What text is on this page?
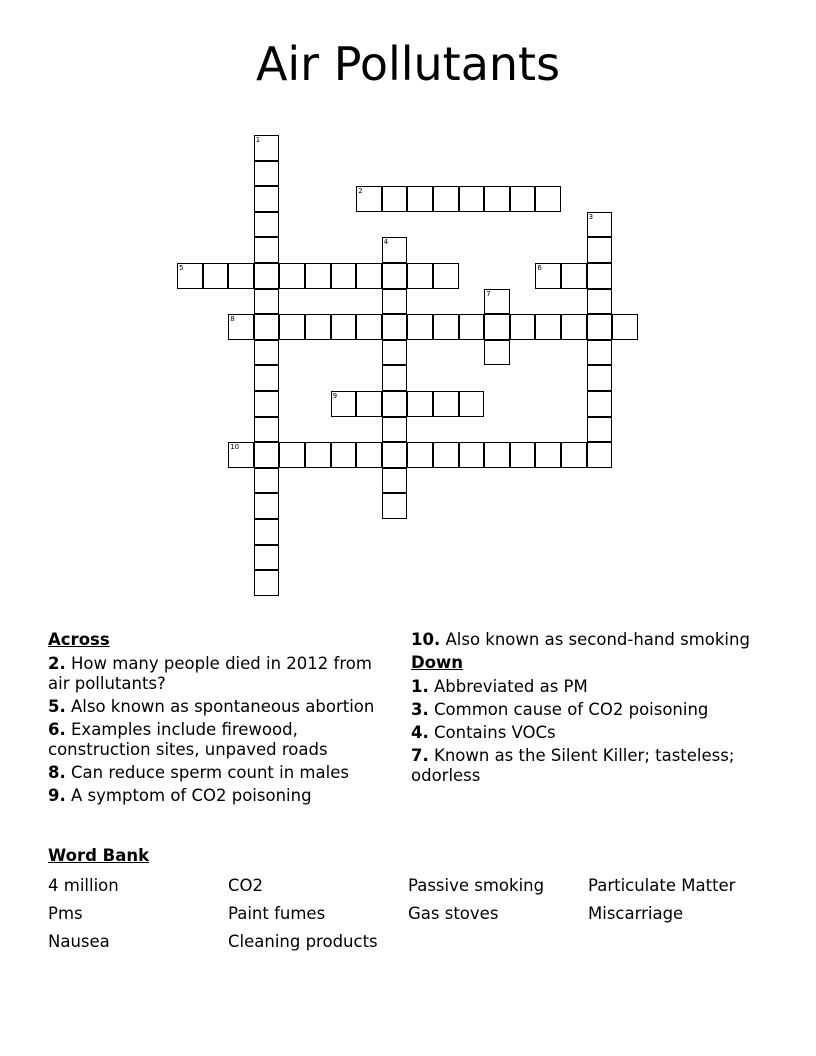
Air Pollutants
1
2
3
4
5	6
7
8
9
10
Across
2. How many people died in 2012 from air pollutants?
5. Also known as spontaneous abortion
6. Examples include firewood, construction sites, unpaved roads
8. Can reduce sperm count in males
9. A symptom of CO2 poisoning
10. Also known as second-hand smoking
Down
1. Abbreviated as PM
3. Common cause of CO2 poisoning
4. Contains VOCs
7. Known as the Silent Killer; tasteless; odorless
Word Bank
4 million	CO2	Passive smoking	Particulate Matter
Pms	Paint fumes	Gas stoves	Miscarriage
Nausea	Cleaning products
